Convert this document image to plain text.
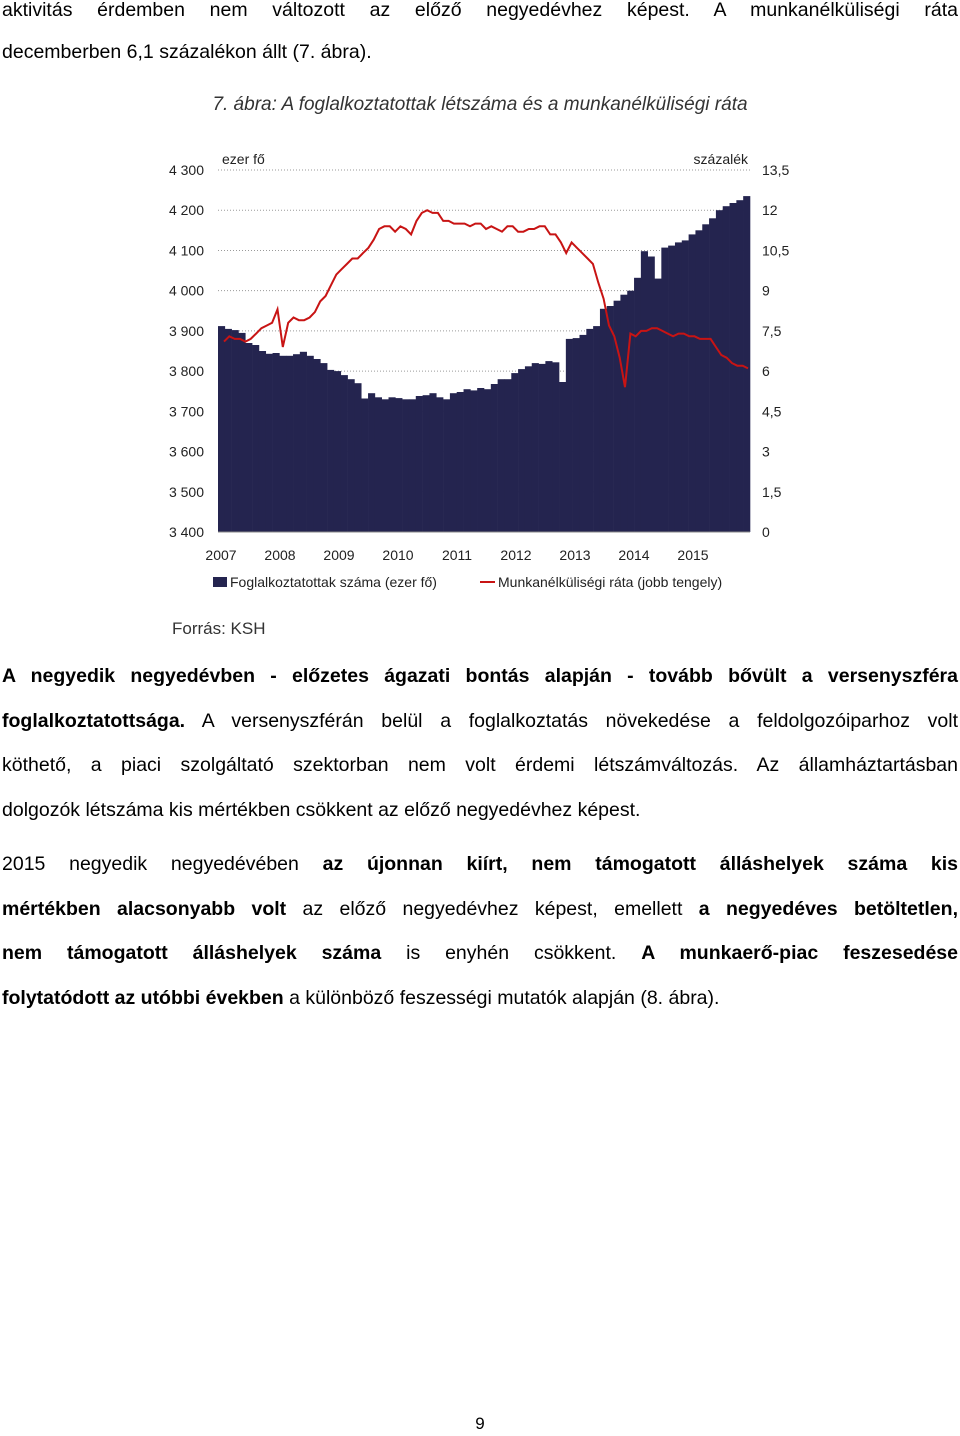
aktivitás érdemben nem változott az előző negyedévhez képest. A munkanélküliségi ráta
decemberben 6,1 százalékon állt (7. ábra).
7. ábra: A foglalkoztatottak létszáma és a munkanélküliségi ráta
4 300	13,5
4 200	12
4 100	10,5
4 000	9
3 900	7,5
3 800	6
3 700	4,5
3 600	3
3 500	1,5
3 400	0
2007 2008 2009 2010 2011 2012 2013 2014 2015
ezer fő	százalék
Foglalkoztatottak száma (ezer fő)	Munkanélküliségi ráta (jobb tengely)
Forrás: KSH
A negyedik negyedévben - előzetes ágazati bontás alapján - tovább bővült a versenyszféra
foglalkoztatottsága. A versenyszférán belül a foglalkoztatás növekedése a feldolgozóiparhoz volt
köthető, a piaci szolgáltató szektorban nem volt érdemi létszámváltozás. Az államháztartásban
dolgozók létszáma kis mértékben csökkent az előző negyedévhez képest.
2015 negyedik negyedévében az újonnan kiírt, nem támogatott álláshelyek száma kis
mértékben alacsonyabb volt az előző negyedévhez képest, emellett a negyedéves betöltetlen,
nem támogatott álláshelyek száma is enyhén csökkent. A munkaerő-piac feszesedése
folytatódott az utóbbi években a különböző feszességi mutatók alapján (8. ábra).
9
